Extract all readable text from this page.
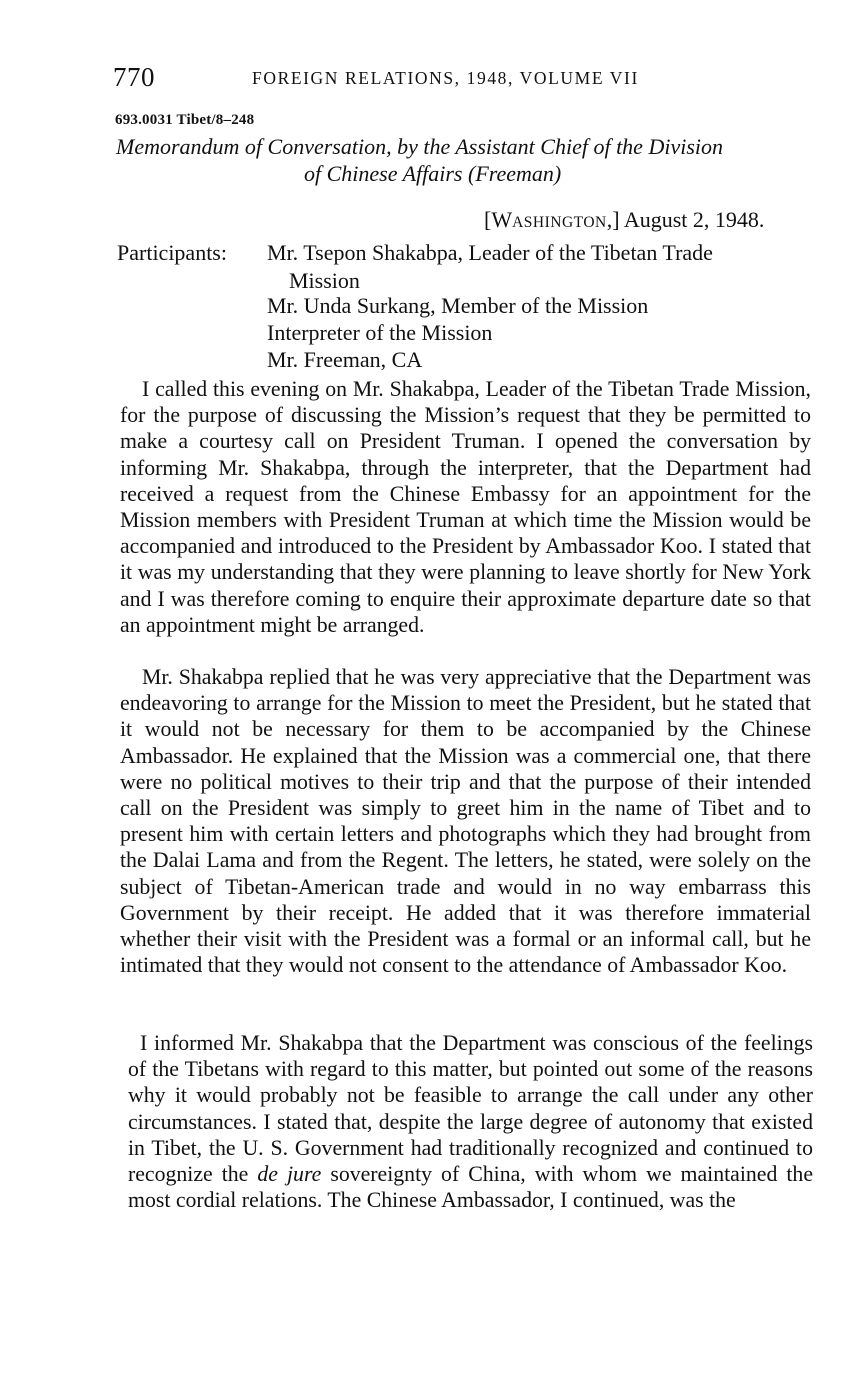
770	FOREIGN RELATIONS, 1948, VOLUME VII
693.0031 Tibet/8–248
Memorandum of Conversation, by the Assistant Chief of the Division
of Chinese Affairs (Freeman)
[WASHINGTON,] August 2, 1948.
Participants: Mr. Tsepon Shakabpa, Leader of the Tibetan Trade
Mission
Mr. Unda Surkang, Member of the Mission
Interpreter of the Mission
Mr. Freeman, CA

I called this evening on Mr. Shakabpa, Leader of the Tibetan Trade Mission, for the purpose of discussing the Mission’s request that they be permitted to make a courtesy call on President Truman. I opened the conversation by informing Mr. Shakabpa, through the interpreter, that the Department had received a request from the Chinese Embassy for an appointment for the Mission members with President Truman at which time the Mission would be accompanied and introduced to the President by Ambassador Koo. I stated that it was my understanding that they were planning to leave shortly for New York and I was therefore coming to enquire their approximate departure date so that an appointment might be arranged.

Mr. Shakabpa replied that he was very appreciative that the Department was endeavoring to arrange for the Mission to meet the President, but he stated that it would not be necessary for them to be accompanied by the Chinese Ambassador. He explained that the Mission was a commercial one, that there were no political motives to their trip and that the purpose of their intended call on the President was simply to greet him in the name of Tibet and to present him with certain letters and photographs which they had brought from the Dalai Lama and from the Regent. The letters, he stated, were solely on the subject of Tibetan-American trade and would in no way embarrass this Government by their receipt. He added that it was therefore immaterial whether their visit with the President was a formal or an informal call, but he intimated that they would not consent to the attendance of Ambassador Koo.

I informed Mr. Shakabpa that the Department was conscious of the feelings of the Tibetans with regard to this matter, but pointed out some of the reasons why it would probably not be feasible to arrange the call under any other circumstances. I stated that, despite the large degree of autonomy that existed in Tibet, the U. S. Government had traditionally recognized and continued to recognize the de jure sovereignty of China, with whom we maintained the most cordial relations. The Chinese Ambassador, I continued, was the
